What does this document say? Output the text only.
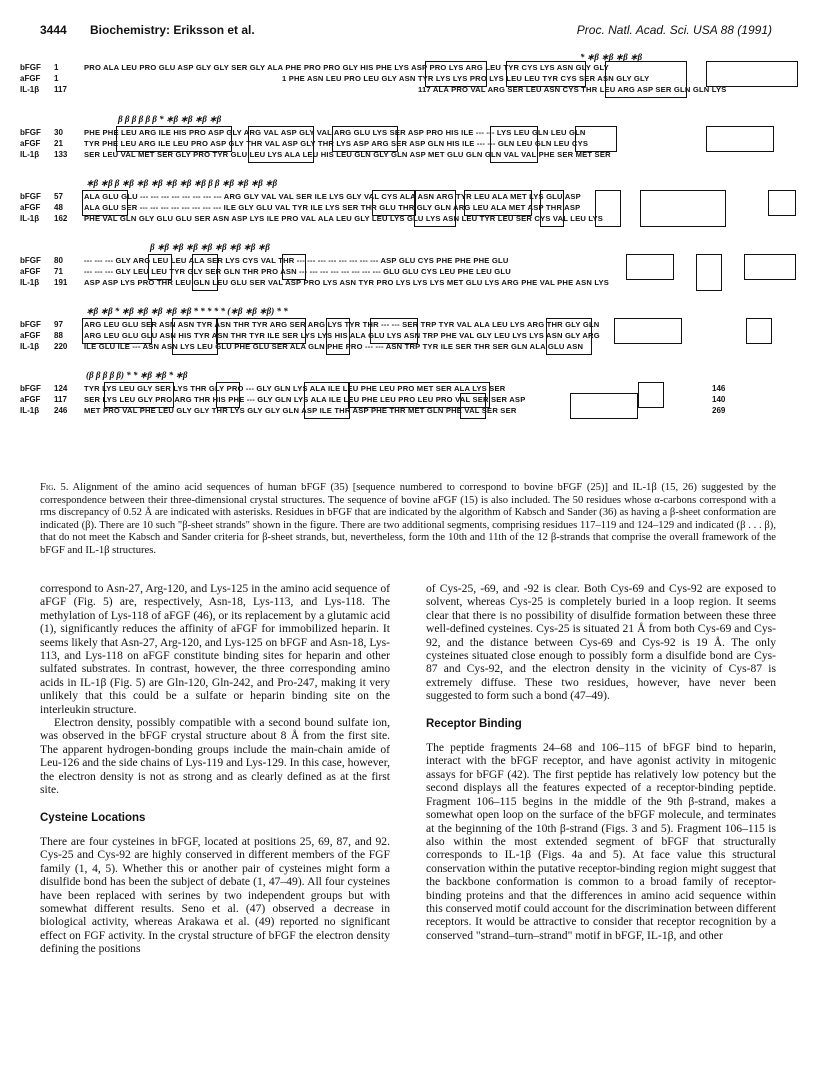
3444 Biochemistry: Eriksson et al.	Proc. Natl. Acad. Sci. USA 88 (1991)
* ∗β ∗β ∗β ∗β
bFGF	1	PRO ALA LEU PRO GLU ASP GLY GLY SER GLY ALA PHE PRO PRO GLY HIS PHE LYS ASP PRO LYS ARG LEU TYR CYS LYS ASN GLY GLY
aFGF	1	1 PHE ASN LEU PRO LEU GLY ASN TYR LYS LYS PRO LYS LEU LEU TYR CYS SER ASN GLY GLY
IL-1β	117	117 ALA PRO VAL ARG SER LEU ASN CYS THR LEU ARG ASP SER GLN GLN LYS
β β β β β β * ∗β ∗β ∗β ∗β
bFGF	30	PHE PHE LEU ARG ILE HIS PRO ASP GLY ARG VAL ASP GLY VAL ARG GLU LYS SER ASP PRO HIS ILE --- --- LYS LEU GLN LEU GLN
aFGF	21	TYR PHE LEU ARG ILE LEU PRO ASP GLY THR VAL ASP GLY THR LYS ASP ARG SER ASP GLN HIS ILE --- --- GLN LEU GLN LEU CYS
IL-1β	133	SER LEU VAL MET SER GLY PRO TYR GLU LEU LYS ALA LEU HIS LEU GLN GLY GLN ASP MET GLU GLN GLN VAL VAL PHE SER MET SER
∗β ∗β β ∗β ∗β ∗β ∗β ∗β ∗β β β ∗β ∗β ∗β ∗β
bFGF	57	ALA GLU GLU --- --- --- --- --- --- --- --- ARG GLY VAL VAL SER ILE LYS GLY VAL CYS ALA ASN ARG TYR LEU ALA MET LYS GLU ASP
aFGF	48	ALA GLU SER --- --- --- --- --- --- --- --- ILE GLY GLU VAL TYR ILE LYS SER THR GLU THR GLY GLN ARG LEU ALA MET ASP THR ASP
IL-1β	162	PHE VAL GLN GLY GLU GLU SER ASN ASP LYS ILE PRO VAL ALA LEU GLY LEU LYS GLU LYS ASN LEU TYR LEU SER CYS VAL LEU LYS
β ∗β ∗β ∗β ∗β ∗β ∗β ∗β ∗β
bFGF	80	--- --- --- GLY ARG LEU LEU ALA SER LYS CYS VAL THR --- --- --- --- --- --- --- --- ASP GLU CYS PHE PHE PHE GLU
aFGF	71	--- --- --- GLY LEU LEU TYR GLY SER GLN THR PRO ASN --- --- --- --- --- --- --- --- GLU GLU CYS LEU PHE LEU GLU
IL-1β	191	ASP ASP LYS PRO THR LEU GLN LEU GLU SER VAL ASP PRO LYS ASN TYR PRO LYS LYS LYS MET GLU LYS ARG PHE VAL PHE ASN LYS
∗β ∗β * ∗β ∗β ∗β ∗β ∗β * * * * * (∗β ∗β ∗β) * *
bFGF	97	ARG LEU GLU SER ASN ASN TYR ASN THR TYR ARG SER ARG LYS TYR THR --- --- SER TRP TYR VAL ALA LEU LYS ARG THR GLY GLN
aFGF	88	ARG LEU GLU GLU ASN HIS TYR ASN THR TYR ILE SER LYS LYS HIS ALA GLU LYS ASN TRP PHE VAL GLY LEU LYS LYS ASN GLY ARG
IL-1β	220	ILE GLU ILE --- ASN ASN LYS LEU GLU PHE GLU SER ALA GLN PHE PRO --- --- ASN TRP TYR ILE SER THR SER GLN ALA GLU ASN
(β β β β β) * * ∗β ∗β * ∗β
bFGF	124	TYR LYS LEU GLY SER LYS THR GLY PRO --- GLY GLN LYS ALA ILE LEU PHE LEU PRO MET SER ALA LYS SER	146
aFGF	117	SER LYS LEU GLY PRO ARG THR HIS PHE --- GLY GLN LYS ALA ILE LEU PHE LEU PRO LEU PRO VAL SER SER ASP	140
IL-1β	246	MET PRO VAL PHE LEU GLY GLY THR LYS GLY GLY GLN ASP ILE THR ASP PHE THR MET GLN PHE VAL SER SER	269
Fig. 5. Alignment of the amino acid sequences of human bFGF (35) [sequence numbered to correspond to bovine bFGF (25)] and IL-1β (15, 26) suggested by the correspondence between their three-dimensional crystal structures. The sequence of bovine aFGF (15) is also included. The 50 residues whose α-carbons correspond with a rms discrepancy of 0.52 Å are indicated with asterisks. Residues in bFGF that are indicated by the algorithm of Kabsch and Sander (36) as having a β-sheet conformation are indicated (β). There are 10 such "β-sheet strands" shown in the figure. There are two additional segments, comprising residues 117–119 and 124–129 and indicated (β . . . β), that do not meet the Kabsch and Sander criteria for β-sheet strands, but, nevertheless, form the 10th and 11th of the 12 β-strands that comprise the overall framework of the bFGF and IL-1β structures.

correspond to Asn-27, Arg-120, and Lys-125 in the amino acid sequence of aFGF (Fig. 5) are, respectively, Asn-18, Lys-113, and Lys-118. The methylation of Lys-118 of aFGF (46), or its replacement by a glutamic acid (1), significantly reduces the affinity of aFGF for immobilized heparin. It seems likely that Asn-27, Arg-120, and Lys-125 on bFGF and Asn-18, Lys-113, and Lys-118 on aFGF constitute binding sites for heparin and other sulfated substrates. In contrast, however, the three corresponding amino acids in IL-1β (Fig. 5) are Gln-120, Gln-242, and Pro-247, making it very unlikely that this could be a sulfate or heparin binding site on the interleukin structure.

Electron density, possibly compatible with a second bound sulfate ion, was observed in the bFGF crystal structure about 8 Å from the first site. The apparent hydrogen-bonding groups include the main-chain amide of Leu-126 and the side chains of Lys-119 and Lys-129. In this case, however, the electron density is not as strong and as clearly defined as at the first site.

Cysteine Locations

There are four cysteines in bFGF, located at positions 25, 69, 87, and 92. Cys-25 and Cys-92 are highly conserved in different members of the FGF family (1, 4, 5). Whether this or another pair of cysteines might form a disulfide bond has been the subject of debate (1, 47–49). All four cysteines have been replaced with serines by two independent groups but with somewhat different results. Seno et al. (47) observed a decrease in biological activity, whereas Arakawa et al. (49) reported no significant effect on FGF activity. In the crystal structure of bFGF the electron density defining the positions

of Cys-25, -69, and -92 is clear. Both Cys-69 and Cys-92 are exposed to solvent, whereas Cys-25 is completely buried in a loop region. It seems clear that there is no possibility of disulfide formation between these three well-defined cysteines. Cys-25 is situated 21 Å from both Cys-69 and Cys-92, and the distance between Cys-69 and Cys-92 is 19 Å. The only cysteines situated close enough to possibly form a disulfide bond are Cys-87 and Cys-92, and the electron density in the vicinity of Cys-87 is extremely diffuse. These two residues, however, have never been suggested to form such a bond (47–49).

Receptor Binding

The peptide fragments 24–68 and 106–115 of bFGF bind to heparin, interact with the bFGF receptor, and have agonist activity in mitogenic assays for bFGF (42). The first peptide has relatively low potency but the second displays all the features expected of a receptor-binding peptide. Fragment 106–115 begins in the middle of the 9th β-strand, makes a somewhat open loop on the surface of the bFGF molecule, and terminates at the beginning of the 10th β-strand (Figs. 3 and 5). Fragment 106–115 is also within the most extended segment of bFGF that structurally corresponds to IL-1β (Figs. 4a and 5). At face value this structural conservation within the putative receptor-binding region might suggest that the backbone conformation is common to a broad family of receptor-binding proteins and that the differences in amino acid sequence within this conserved motif could account for the discrimination between different receptors. It would be attractive to consider that receptor recognition by a conserved "strand–turn–strand" motif in bFGF, IL-1β, and other
